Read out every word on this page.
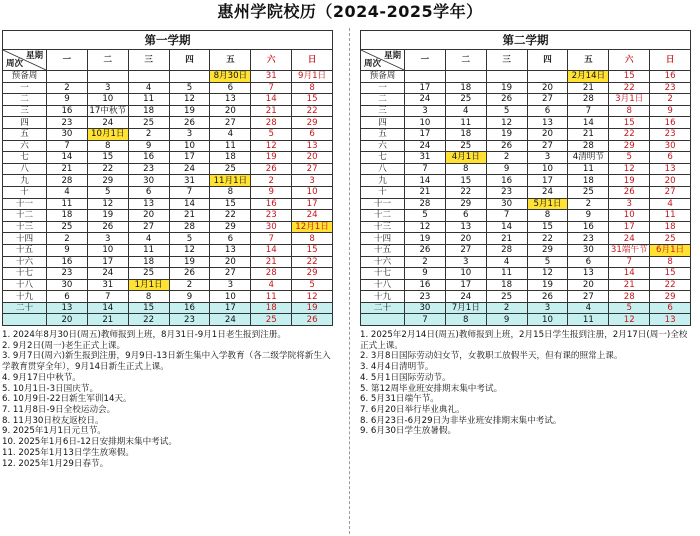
惠州学院校历（2024-2025学年）
第一学期							

星期
周次	一	二	三	四	五	六	日
预备周					8月30日	31	9月1日
一	2	3	4	5	6	7	8
二	9	10	11	12	13	14	15
三	16	17中秋节	18	19	20	21	22
四	23	24	25	26	27	28	29
五	30	10月1日	2	3	4	5	6
六	7	8	9	10	11	12	13
七	14	15	16	17	18	19	20
八	21	22	23	24	25	26	27
九	28	29	30	31	11月1日	2	3
十	4	5	6	7	8	9	10
十一	11	12	13	14	15	16	17
十二	18	19	20	21	22	23	24
十三	25	26	27	28	29	30	12月1日
十四	2	3	4	5	6	7	8
十五	9	10	11	12	13	14	15
十六	16	17	18	19	20	21	22
十七	23	24	25	26	27	28	29
十八	30	31	1月1日	2	3	4	5
十九	6	7	8	9	10	11	12
二十	13	14	15	16	17	18	19
	20	21	22	23	24	25	26
1. 2024年8月30日(周五)教师报到上班，8月31日-9月1日老生报到注册。
2. 9月2日(周一)老生正式上课。
3. 9月7日(周六)新生报到注册，9月9日-13日新生集中入学教育（各二级学院将新生入学教育贯穿全年），9月14日新生正式上课。
4. 9月17日中秋节。
5. 10月1日-3日国庆节。
6. 10月9日-22日新生军训14天。
7. 11月8日-9日全校运动会。
8. 11月30日校友返校日。
9. 2025年1月1日元旦节。
10. 2025年1月6日-12日安排期末集中考试。
11. 2025年1月13日学生放寒假。
12. 2025年1月29日春节。
第二学期							

星期
周次	一	二	三	四	五	六	日
预备周					2月14日	15	16
一	17	18	19	20	21	22	23
二	24	25	26	27	28	3月1日	2
三	3	4	5	6	7	8	9
四	10	11	12	13	14	15	16
五	17	18	19	20	21	22	23
六	24	25	26	27	28	29	30
七	31	4月1日	2	3	4清明节	5	6
八	7	8	9	10	11	12	13
九	14	15	16	17	18	19	20
十	21	22	23	24	25	26	27
十一	28	29	30	5月1日	2	3	4
十二	5	6	7	8	9	10	11
十三	12	13	14	15	16	17	18
十四	19	20	21	22	23	24	25
十五	26	27	28	29	30	31端午节	6月1日
十六	2	3	4	5	6	7	8
十七	9	10	11	12	13	14	15
十八	16	17	18	19	20	21	22
十九	23	24	25	26	27	28	29
二十	30	7月1日	2	3	4	5	6
	7	8	9	10	11	12	13
1. 2025年2月14日(周五)教师报到上班，2月15日学生报到注册，2月17日(周一)全校正式上课。
2. 3月8日国际劳动妇女节，女教职工放假半天，但有课的照常上课。
3. 4月4日清明节。
4. 5月1日国际劳动节。
5. 第12周毕业班安排期末集中考试。
6. 5月31日端午节。
7. 6月20日举行毕业典礼。
8. 6月23日-6月29日为非毕业班安排期末集中考试。
9. 6月30日学生放暑假。
